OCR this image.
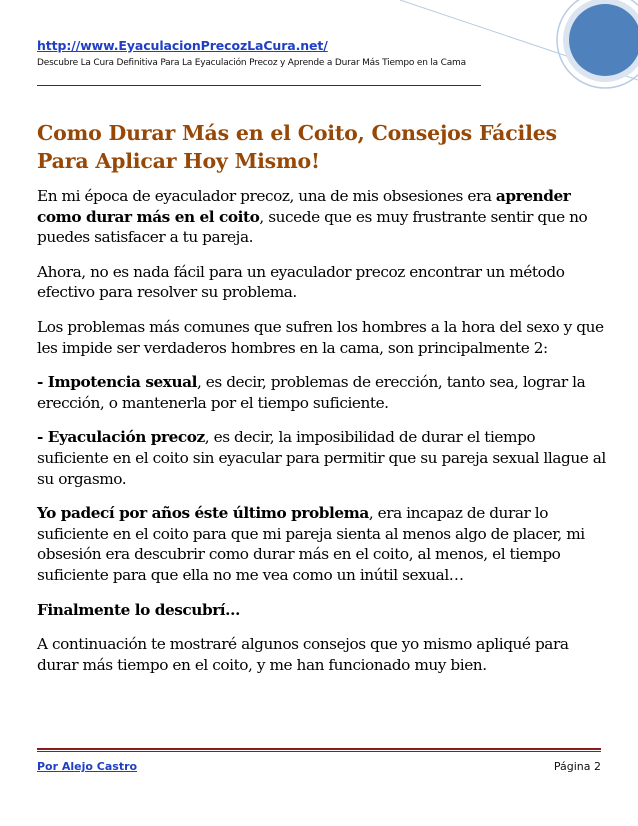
http://www.EyaculacionPrecozLaCura.net/
Descubre La Cura Definitiva Para La Eyaculación Precoz y Aprende a Durar Más Tiempo en la Cama
Como Durar Más en el Coito, Consejos Fáciles Para Aplicar Hoy Mismo!

En mi época de eyaculador precoz, una de mis obsesiones era aprender como durar más en el coito, sucede que es muy frustrante sentir que no puedes satisfacer a tu pareja.

Ahora, no es nada fácil para un eyaculador precoz encontrar un método efectivo para resolver su problema.

Los problemas más comunes que sufren los hombres a la hora del sexo y que les impide ser verdaderos hombres en la cama, son principalmente 2:

- Impotencia sexual, es decir, problemas de erección, tanto sea, lograr la erección, o mantenerla por el tiempo suficiente.

- Eyaculación precoz, es decir, la imposibilidad de durar el tiempo suficiente en el coito sin eyacular para permitir que su pareja sexual llague al su orgasmo.

Yo padecí por años éste último problema, era incapaz de durar lo suficiente en el coito para que mi pareja sienta al menos algo de placer, mi obsesión era descubrir como durar más en el coito, al menos, el tiempo suficiente para que ella no me vea como un inútil sexual…

Finalmente lo descubrí…

A continuación te mostraré algunos consejos que yo mismo apliqué para durar más tiempo en el coito, y me han funcionado muy bien.

Por Alejo Castro	Página 2
